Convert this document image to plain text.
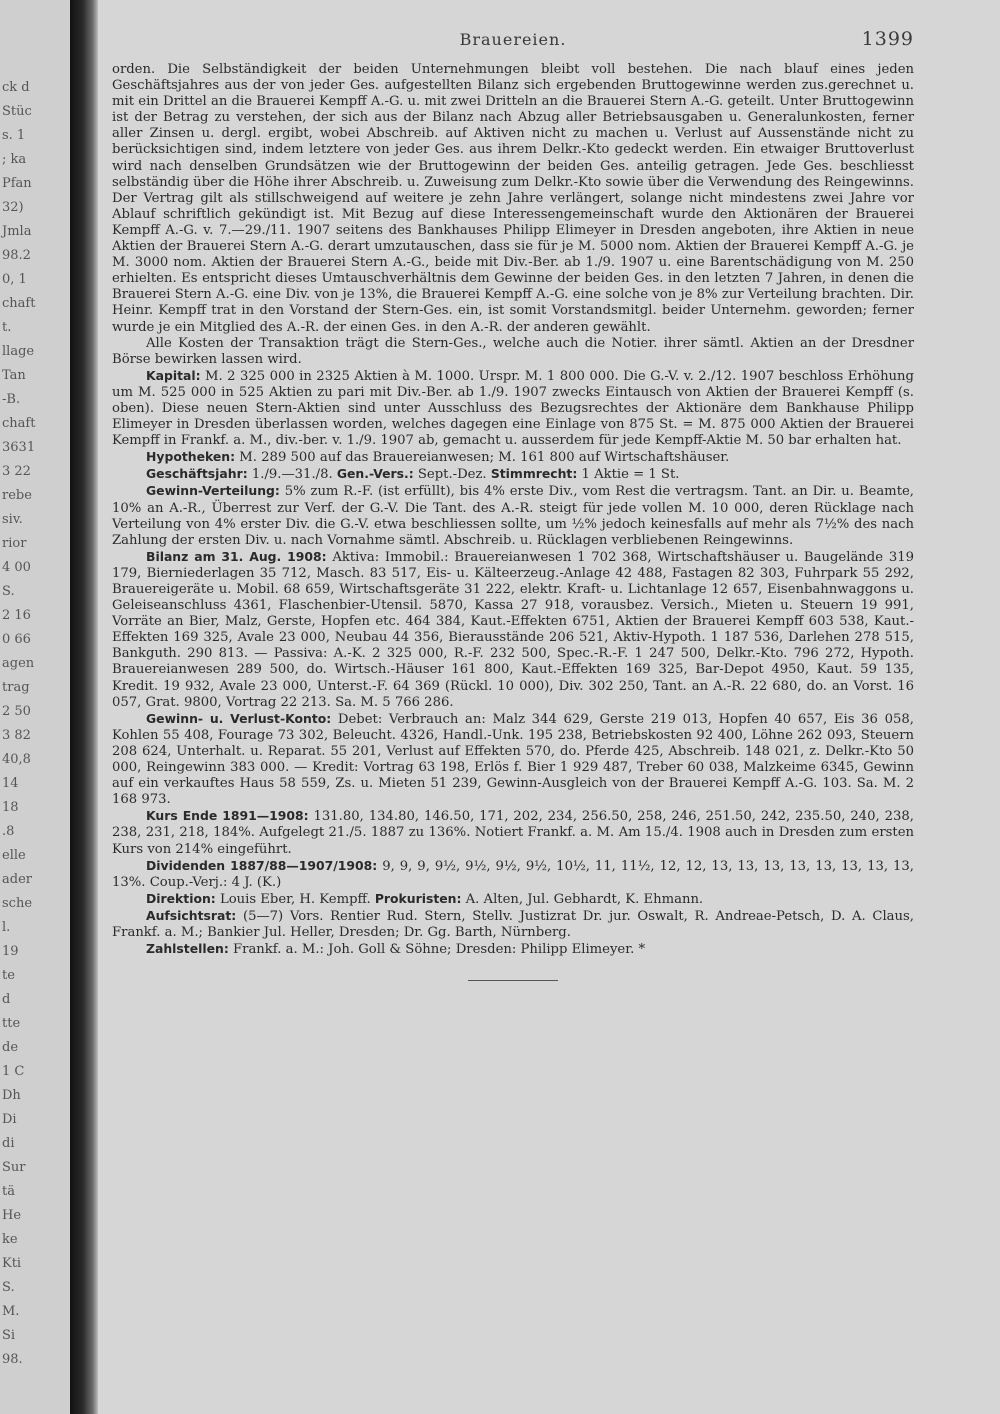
ck d
Stüc
s. 1
; ka
Pfan
32)
Jmla
98.2
0, 1
chaft
t.
llage
Tan
-B.
chaft
3631
3 22
rebe
siv.
rior
4 00
S.
2 16
0 66
agen
trag
2 50
3 82
40,8
14
18
.8
elle
ader
sche
l.
19
te
d
tte
de
1 C
Dh
Di
di
Sur
tä
He
ke
Kti
S.
M.
Si
98.
Brauereien.	1399

orden. Die Selbständigkeit der beiden Unternehmungen bleibt voll bestehen. Die nach blauf eines jeden Geschäftsjahres aus der von jeder Ges. aufgestellten Bilanz sich ergebenden Bruttogewinne werden zus.gerechnet u. mit ein Drittel an die Brauerei Kempff A.-G. u. mit zwei Dritteln an die Brauerei Stern A.-G. geteilt. Unter Bruttogewinn ist der Betrag zu verstehen, der sich aus der Bilanz nach Abzug aller Betriebsausgaben u. Generalunkosten, ferner aller Zinsen u. dergl. ergibt, wobei Abschreib. auf Aktiven nicht zu machen u. Verlust auf Aussenstände nicht zu berücksichtigen sind, indem letztere von jeder Ges. aus ihrem Delkr.-Kto gedeckt werden. Ein etwaiger Bruttoverlust wird nach denselben Grundsätzen wie der Bruttogewinn der beiden Ges. anteilig getragen. Jede Ges. beschliesst selbständig über die Höhe ihrer Abschreib. u. Zuweisung zum Delkr.-Kto sowie über die Verwendung des Reingewinns. Der Vertrag gilt als stillschweigend auf weitere je zehn Jahre verlängert, solange nicht mindestens zwei Jahre vor Ablauf schriftlich gekündigt ist. Mit Bezug auf diese Interessengemeinschaft wurde den Aktionären der Brauerei Kempff A.-G. v. 7.—29./11. 1907 seitens des Bankhauses Philipp Elimeyer in Dresden angeboten, ihre Aktien in neue Aktien der Brauerei Stern A.-G. derart umzutauschen, dass sie für je M. 5000 nom. Aktien der Brauerei Kempff A.-G. je M. 3000 nom. Aktien der Brauerei Stern A.-G., beide mit Div.-Ber. ab 1./9. 1907 u. eine Barentschädigung von M. 250 erhielten. Es entspricht dieses Umtauschverhältnis dem Gewinne der beiden Ges. in den letzten 7 Jahren, in denen die Brauerei Stern A.-G. eine Div. von je 13%, die Brauerei Kempff A.-G. eine solche von je 8% zur Verteilung brachten. Dir. Heinr. Kempff trat in den Vorstand der Stern-Ges. ein, ist somit Vorstandsmitgl. beider Unternehm. geworden; ferner wurde je ein Mitglied des A.-R. der einen Ges. in den A.-R. der anderen gewählt.

Alle Kosten der Transaktion trägt die Stern-Ges., welche auch die Notier. ihrer sämtl. Aktien an der Dresdner Börse bewirken lassen wird.

Kapital: M. 2 325 000 in 2325 Aktien à M. 1000. Urspr. M. 1 800 000. Die G.-V. v. 2./12. 1907 beschloss Erhöhung um M. 525 000 in 525 Aktien zu pari mit Div.-Ber. ab 1./9. 1907 zwecks Eintausch von Aktien der Brauerei Kempff (s. oben). Diese neuen Stern-Aktien sind unter Ausschluss des Bezugsrechtes der Aktionäre dem Bankhause Philipp Elimeyer in Dresden überlassen worden, welches dagegen eine Einlage von 875 St. = M. 875 000 Aktien der Brauerei Kempff in Frankf. a. M., div.-ber. v. 1./9. 1907 ab, gemacht u. ausserdem für jede Kempff-Aktie M. 50 bar erhalten hat.

Hypotheken: M. 289 500 auf das Brauereianwesen; M. 161 800 auf Wirtschaftshäuser.

Geschäftsjahr: 1./9.—31./8. Gen.-Vers.: Sept.-Dez. Stimmrecht: 1 Aktie = 1 St.

Gewinn-Verteilung: 5% zum R.-F. (ist erfüllt), bis 4% erste Div., vom Rest die vertragsm. Tant. an Dir. u. Beamte, 10% an A.-R., Überrest zur Verf. der G.-V. Die Tant. des A.-R. steigt für jede vollen M. 10 000, deren Rücklage nach Verteilung von 4% erster Div. die G.-V. etwa beschliessen sollte, um ½% jedoch keinesfalls auf mehr als 7½% des nach Zahlung der ersten Div. u. nach Vornahme sämtl. Abschreib. u. Rücklagen verbliebenen Reingewinns.

Bilanz am 31. Aug. 1908: Aktiva: Immobil.: Brauereianwesen 1 702 368, Wirtschaftshäuser u. Baugelände 319 179, Bierniederlagen 35 712, Masch. 83 517, Eis- u. Kälteerzeug.-Anlage 42 488, Fastagen 82 303, Fuhrpark 55 292, Brauereigeräte u. Mobil. 68 659, Wirtschaftsgeräte 31 222, elektr. Kraft- u. Lichtanlage 12 657, Eisenbahnwaggons u. Geleiseanschluss 4361, Flaschenbier-Utensil. 5870, Kassa 27 918, vorausbez. Versich., Mieten u. Steuern 19 991, Vorräte an Bier, Malz, Gerste, Hopfen etc. 464 384, Kaut.-Effekten 6751, Aktien der Brauerei Kempff 603 538, Kaut.-Effekten 169 325, Avale 23 000, Neubau 44 356, Bierausstände 206 521, Aktiv-Hypoth. 1 187 536, Darlehen 278 515, Bankguth. 290 813. — Passiva: A.-K. 2 325 000, R.-F. 232 500, Spec.-R.-F. 1 247 500, Delkr.-Kto. 796 272, Hypoth. Brauereianwesen 289 500, do. Wirtsch.-Häuser 161 800, Kaut.-Effekten 169 325, Bar-Depot 4950, Kaut. 59 135, Kredit. 19 932, Avale 23 000, Unterst.-F. 64 369 (Rückl. 10 000), Div. 302 250, Tant. an A.-R. 22 680, do. an Vorst. 16 057, Grat. 9800, Vortrag 22 213. Sa. M. 5 766 286.

Gewinn- u. Verlust-Konto: Debet: Verbrauch an: Malz 344 629, Gerste 219 013, Hopfen 40 657, Eis 36 058, Kohlen 55 408, Fourage 73 302, Beleucht. 4326, Handl.-Unk. 195 238, Betriebskosten 92 400, Löhne 262 093, Steuern 208 624, Unterhalt. u. Reparat. 55 201, Verlust auf Effekten 570, do. Pferde 425, Abschreib. 148 021, z. Delkr.-Kto 50 000, Reingewinn 383 000. — Kredit: Vortrag 63 198, Erlös f. Bier 1 929 487, Treber 60 038, Malzkeime 6345, Gewinn auf ein verkauftes Haus 58 559, Zs. u. Mieten 51 239, Gewinn-Ausgleich von der Brauerei Kempff A.-G. 103. Sa. M. 2 168 973.

Kurs Ende 1891—1908: 131.80, 134.80, 146.50, 171, 202, 234, 256.50, 258, 246, 251.50, 242, 235.50, 240, 238, 238, 231, 218, 184%. Aufgelegt 21./5. 1887 zu 136%. Notiert Frankf. a. M. Am 15./4. 1908 auch in Dresden zum ersten Kurs von 214% eingeführt.

Dividenden 1887/88—1907/1908: 9, 9, 9, 9½, 9½, 9½, 9½, 10½, 11, 11½, 12, 12, 13, 13, 13, 13, 13, 13, 13, 13, 13%. Coup.-Verj.: 4 J. (K.)

Direktion: Louis Eber, H. Kempff. Prokuristen: A. Alten, Jul. Gebhardt, K. Ehmann.

Aufsichtsrat: (5—7) Vors. Rentier Rud. Stern, Stellv. Justizrat Dr. jur. Oswalt, R. Andreae-Petsch, D. A. Claus, Frankf. a. M.; Bankier Jul. Heller, Dresden; Dr. Gg. Barth, Nürnberg.

Zahlstellen: Frankf. a. M.: Joh. Goll & Söhne; Dresden: Philipp Elimeyer. *
